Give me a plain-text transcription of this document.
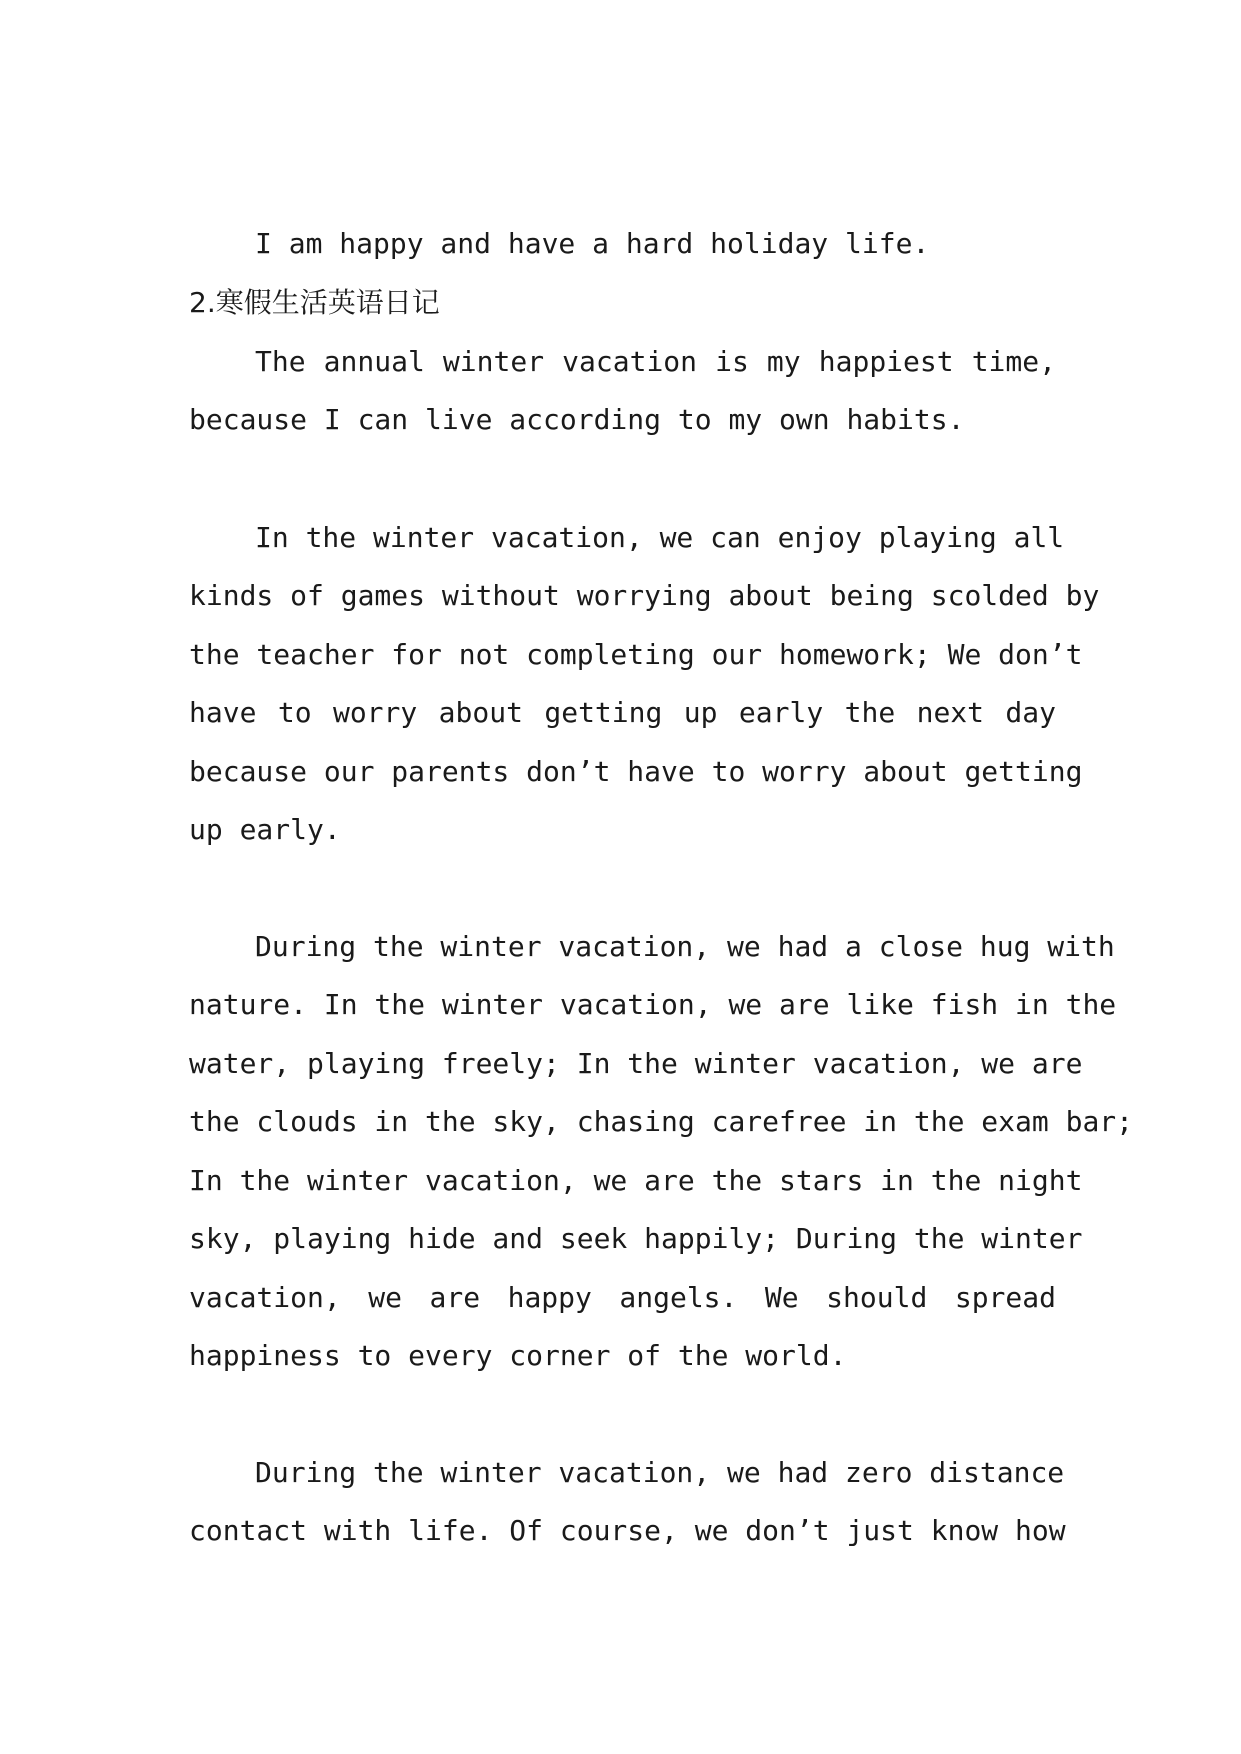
I am happy and have a hard holiday life.
2.寒假生活英语日记
The annual winter vacation is my happiest time,
because I can live according to my own habits.
In the winter vacation, we can enjoy playing all
kinds of games without worrying about being scolded by
the teacher for not completing our homework; We don’t
have to worry about getting up early the next day
because our parents don’t have to worry about getting
up early.
During the winter vacation, we had a close hug with
nature. In the winter vacation, we are like fish in the
water, playing freely; In the winter vacation, we are
the clouds in the sky, chasing carefree in the exam bar;
In the winter vacation, we are the stars in the night
sky, playing hide and seek happily; During the winter
vacation, we are happy angels. We should spread
happiness to every corner of the world.
During the winter vacation, we had zero distance
contact with life. Of course, we don’t just know how
